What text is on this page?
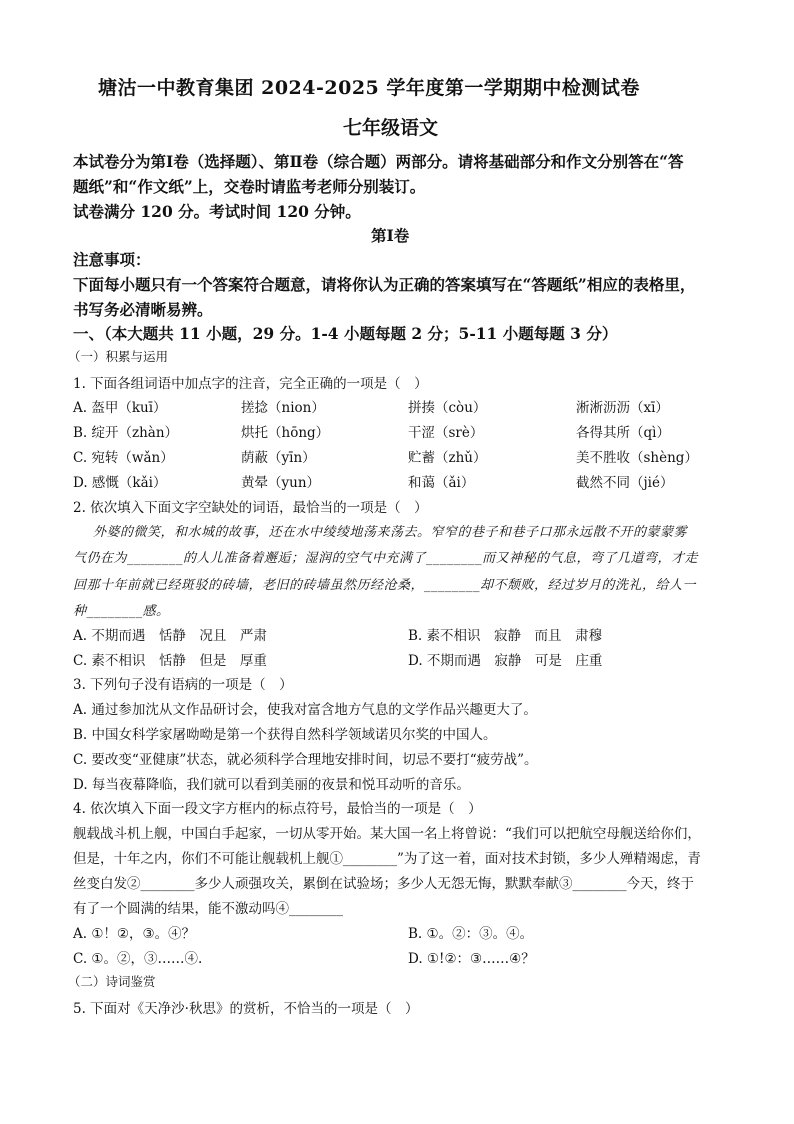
塘沽一中教育集团 2024-2025 学年度第一学期期中检测试卷
七年级语文
本试卷分为第Ⅰ卷（选择题）、第Ⅱ卷（综合题）两部分。请将基础部分和作文分别答在“答
题纸”和“作文纸”上，交卷时请监考老师分别装订。
试卷满分 120 分。考试时间 120 分钟。
第Ⅰ卷
注意事项：
下面每小题只有一个答案符合题意，请将你认为正确的答案填写在“答题纸”相应的表格里，
书写务必清晰易辨。
一、（本大题共 11 小题，29 分。1-4 小题每题 2 分；5-11 小题每题 3 分）
（一）积累与运用
1. 下面各组词语中加点字的注音，完全正确的一项是（　）
A. 盔甲（kuī）	搓捻（nion）	拼揍（còu）	淅淅沥沥（xī）
B. 绽开（zhàn）	烘托（hōng）	干涩（srè）	各得其所（qì）
C. 宛转（wǎn）	荫蔽（yīn）	贮蓄（zhǔ）	美不胜收（shèng）
D. 感慨（kǎi）	黄晕（yun）	和蔼（ǎi）	截然不同（jié）
2. 依次填入下面文字空缺处的词语，最恰当的一项是（　）
外婆的微笑，和水城的故事，还在水中绫绫地荡来荡去。窄窄的巷子和巷子口那永远散不开的蒙蒙雾
气仍在为________的人儿准备着邂逅；湿润的空气中充满了________而又神秘的气息，弯了几道弯，才走
回那十年前就已经斑驳的砖墙，老旧的砖墙虽然历经沧桑，________却不颓败，经过岁月的洗礼，给人一
种________感。
A. 不期而遇　恬静　况且　严肃	B. 素不相识　寂静　而且　肃穆
C. 素不相识　恬静　但是　厚重	D. 不期而遇　寂静　可是　庄重
3. 下列句子没有语病的一项是（　）
A. 通过参加沈从文作品研讨会，使我对富含地方气息的文学作品兴趣更大了。
B. 中国女科学家屠呦呦是第一个获得自然科学领域诺贝尔奖的中国人。
C. 要改变“亚健康”状态，就必须科学合理地安排时间，切忌不要打“疲劳战”。
D. 每当夜幕降临，我们就可以看到美丽的夜景和悦耳动听的音乐。
4. 依次填入下面一段文字方框内的标点符号，最恰当的一项是（　）
舰载战斗机上舰，中国白手起家，一切从零开始。某大国一名上将曾说：“我们可以把航空母舰送给你们，
但是，十年之内，你们不可能让舰载机上舰①________”为了这一着，面对技术封锁，多少人殚精竭虑，青
丝变白发②________多少人顽强攻关，累倒在试验场；多少人无怨无悔，默默奉献③________今天，终于
有了一个圆满的结果，能不激动吗④________
A. ①！②，③。④？	B. ①。②：③。④。
C. ①。②，③……④.	D. ①!②：③……④？
（二）诗词鉴赏
5. 下面对《天净沙·秋思》的赏析，不恰当的一项是（　）
